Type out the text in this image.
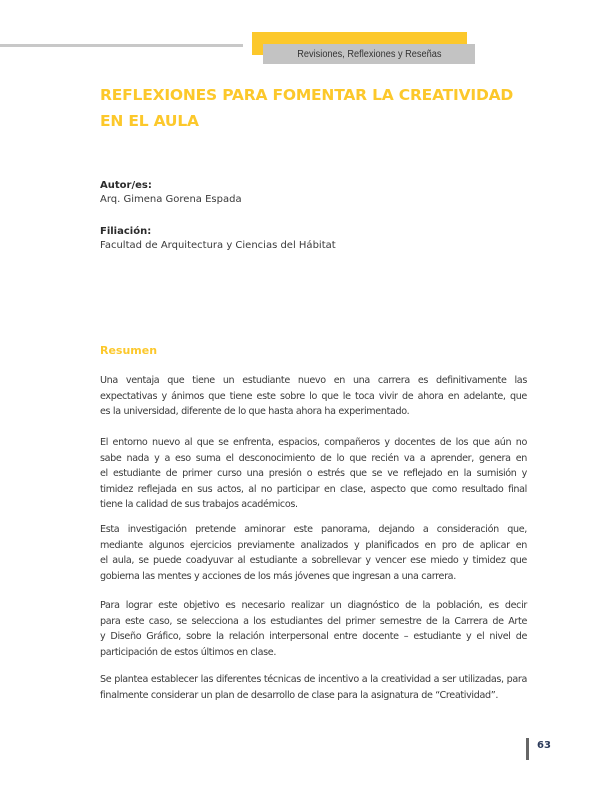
Revisiones, Reflexiones y Reseñas
REFLEXIONES PARA FOMENTAR LA CREATIVIDAD
EN EL AULA
Autor/es:
Arq. Gimena Gorena Espada
Filiación:
Facultad de Arquitectura y Ciencias del Hábitat
Resumen
Una ventaja que tiene un estudiante nuevo en una carrera es definitivamente las
expectativas y ánimos que tiene este sobre lo que le toca vivir de ahora en adelante, que
es la universidad, diferente de lo que hasta ahora ha experimentado.
El entorno nuevo al que se enfrenta, espacios, compañeros y docentes de los que aún no
sabe nada y a eso suma el desconocimiento de lo que recién va a aprender, genera en
el estudiante de primer curso una presión o estrés que se ve reflejado en la sumisión y
timidez reflejada en sus actos, al no participar en clase, aspecto que como resultado final
tiene la calidad de sus trabajos académicos.
Esta investigación pretende aminorar este panorama, dejando a consideración que,
mediante algunos ejercicios previamente analizados y planificados en pro de aplicar en
el aula, se puede coadyuvar al estudiante a sobrellevar y vencer ese miedo y timidez que
gobierna las mentes y acciones de los más jóvenes que ingresan a una carrera.
Para lograr este objetivo es necesario realizar un diagnóstico de la población, es decir
para este caso, se selecciona a los estudiantes del primer semestre de la Carrera de Arte
y Diseño Gráfico, sobre la relación interpersonal entre docente – estudiante y el nivel de
participación de estos últimos en clase.
Se plantea establecer las diferentes técnicas de incentivo a la creatividad a ser utilizadas, para
finalmente considerar un plan de desarrollo de clase para la asignatura de “Creatividad”.
63
